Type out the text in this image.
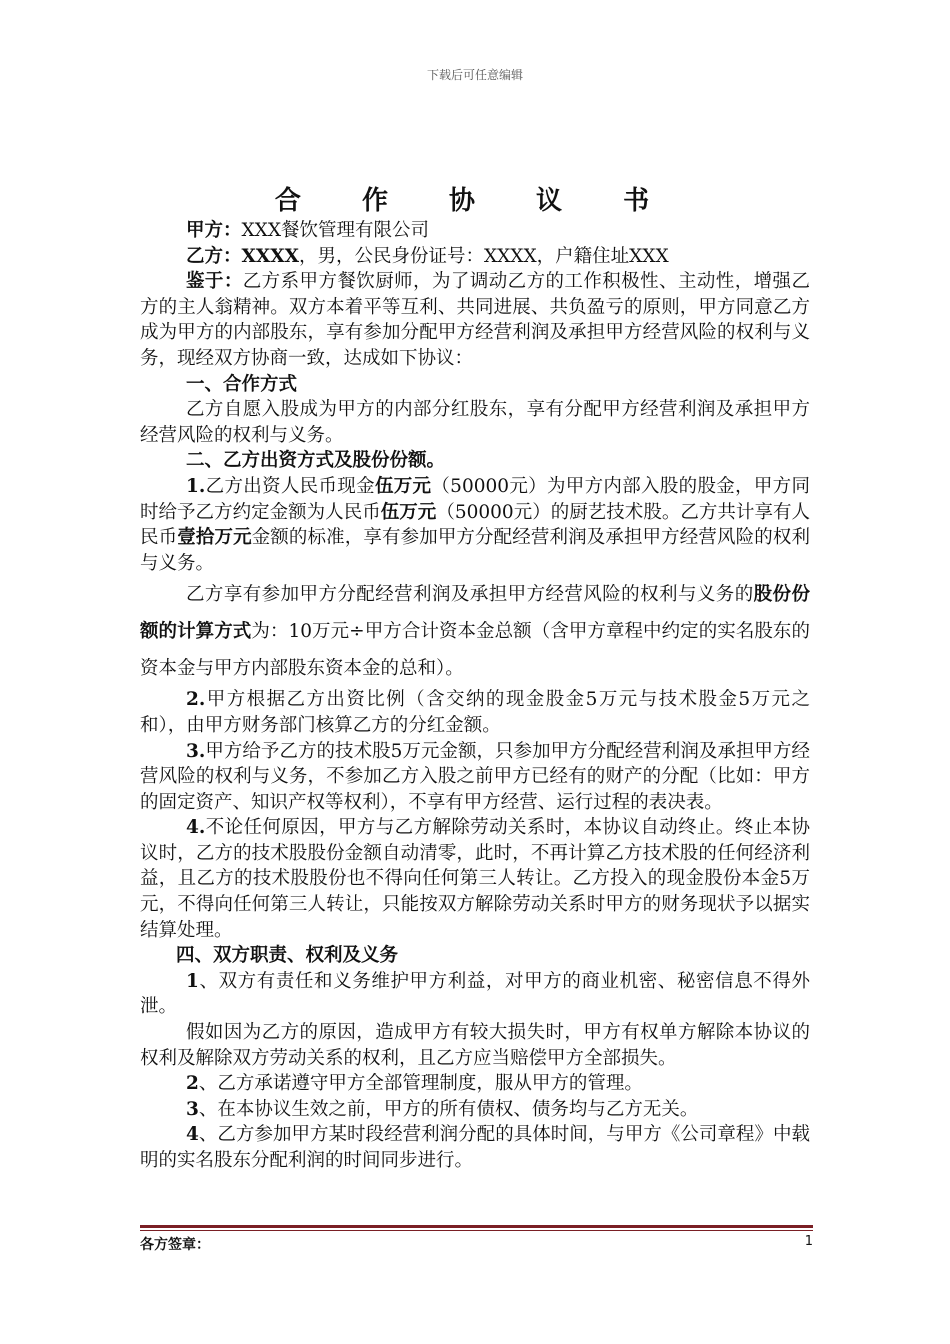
下载后可任意编辑
合 作 协 议 书

甲方：XXX餐饮管理有限公司

乙方：XXXX，男，公民身份证号：XXXX，户籍住址XXX

鉴于：乙方系甲方餐饮厨师，为了调动乙方的工作积极性、主动性，增强乙方的主人翁精神。双方本着平等互利、共同进展、共负盈亏的原则，甲方同意乙方成为甲方的内部股东，享有参加分配甲方经营利润及承担甲方经营风险的权利与义务，现经双方协商一致，达成如下协议：

一、合作方式

乙方自愿入股成为甲方的内部分红股东，享有分配甲方经营利润及承担甲方经营风险的权利与义务。

二、乙方出资方式及股份份额。

1.乙方出资人民币现金伍万元（50000元）为甲方内部入股的股金，甲方同时给予乙方约定金额为人民币伍万元（50000元）的厨艺技术股。乙方共计享有人民币壹拾万元金额的标准，享有参加甲方分配经营利润及承担甲方经营风险的权利与义务。

乙方享有参加甲方分配经营利润及承担甲方经营风险的权利与义务的股份份额的计算方式为：10万元÷甲方合计资本金总额（含甲方章程中约定的实名股东的资本金与甲方内部股东资本金的总和）。

2.甲方根据乙方出资比例（含交纳的现金股金5万元与技术股金5万元之和），由甲方财务部门核算乙方的分红金额。

3.甲方给予乙方的技术股5万元金额，只参加甲方分配经营利润及承担甲方经营风险的权利与义务，不参加乙方入股之前甲方已经有的财产的分配（比如：甲方的固定资产、知识产权等权利），不享有甲方经营、运行过程的表决表。

4.不论任何原因，甲方与乙方解除劳动关系时，本协议自动终止。终止本协议时，乙方的技术股股份金额自动清零，此时，不再计算乙方技术股的任何经济利益，且乙方的技术股股份也不得向任何第三人转让。乙方投入的现金股份本金5万元，不得向任何第三人转让，只能按双方解除劳动关系时甲方的财务现状予以据实结算处理。

四、双方职责、权利及义务

1、双方有责任和义务维护甲方利益，对甲方的商业机密、秘密信息不得外泄。

假如因为乙方的原因，造成甲方有较大损失时，甲方有权单方解除本协议的权利及解除双方劳动关系的权利，且乙方应当赔偿甲方全部损失。

2、乙方承诺遵守甲方全部管理制度，服从甲方的管理。

3、在本协议生效之前，甲方的所有债权、债务均与乙方无关。

4、乙方参加甲方某时段经营利润分配的具体时间，与甲方《公司章程》中载明的实名股东分配利润的时间同步进行。

各方签章：	1
